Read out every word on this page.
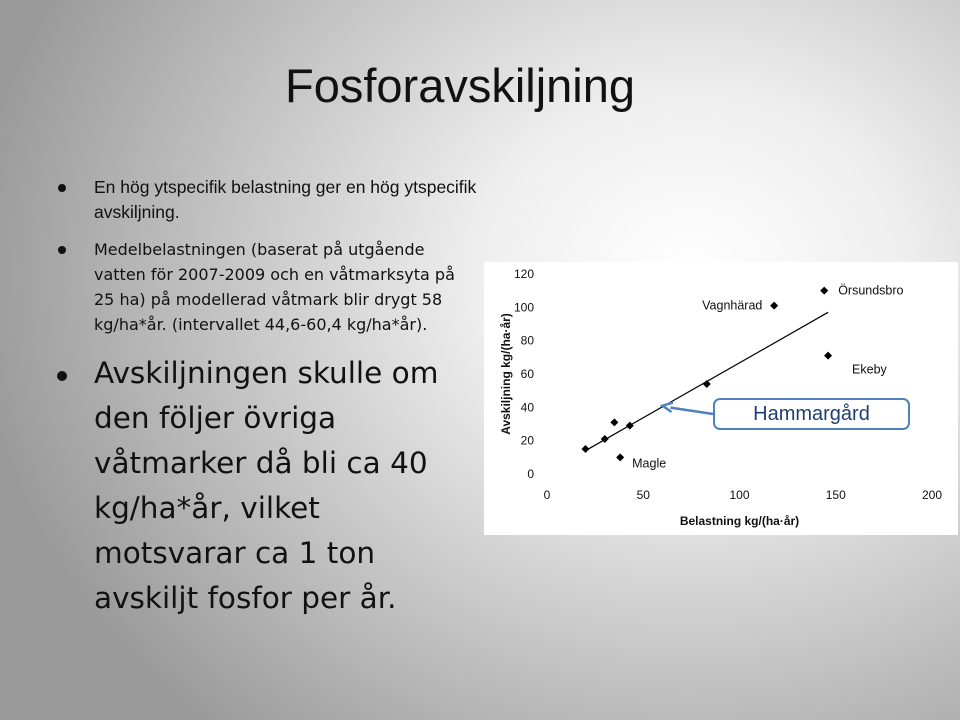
Fosforavskiljning
En hög ytspecifik belastning ger en hög ytspecifik avskiljning.
Medelbelastningen (baserat på utgående vatten för 2007-2009 och en våtmarksyta på 25 ha) på modellerad våtmark blir drygt 58 kg/ha*år. (intervallet 44,6-60,4 kg/ha*år).
Avskiljningen skulle om den följer övriga våtmarker då bli ca 40 kg/ha*år, vilket motsvarar ca 1 ton avskiljt fosfor per år.
0
20
40
60
80
100
120
0	50	100	150	200
Belastning kg/(ha·år)
Avskiljning kg/(ha·år)
Magle
Vagnhärad
Örsundsbro
Ekeby
Hammargård
